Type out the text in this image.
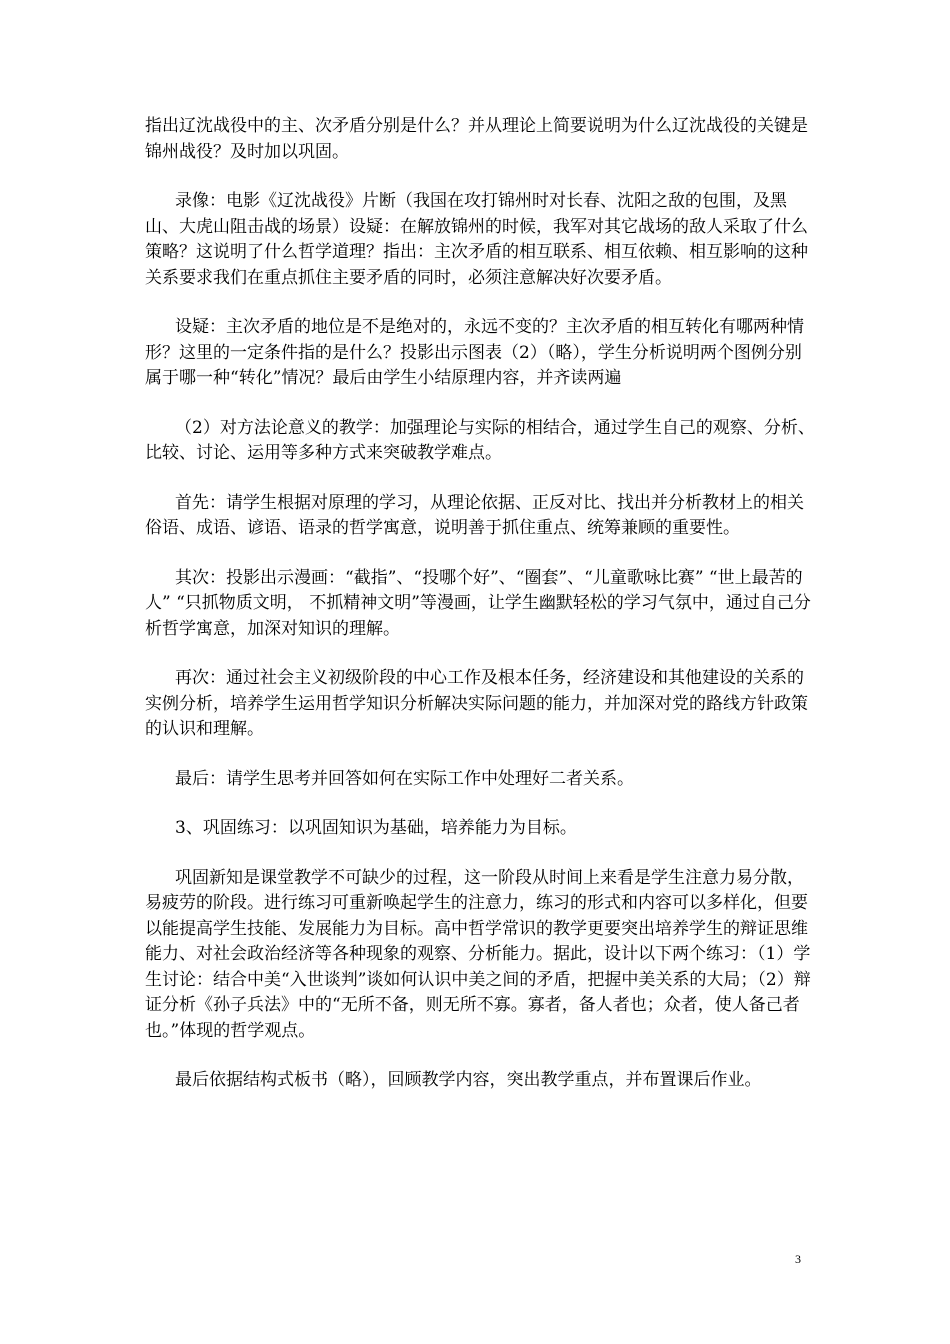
指出辽沈战役中的主、次矛盾分别是什么？并从理论上简要说明为什么辽沈战役的关键是锦州战役？及时加以巩固。

录像：电影《辽沈战役》片断（我国在攻打锦州时对长春、沈阳之敌的包围，及黑山、大虎山阻击战的场景）设疑：在解放锦州的时候，我军对其它战场的敌人采取了什么策略？这说明了什么哲学道理？指出：主次矛盾的相互联系、相互依赖、相互影响的这种关系要求我们在重点抓住主要矛盾的同时，必须注意解决好次要矛盾。

设疑：主次矛盾的地位是不是绝对的，永远不变的？主次矛盾的相互转化有哪两种情形？这里的一定条件指的是什么？投影出示图表（2）（略），学生分析说明两个图例分别属于哪一种“转化”情况？最后由学生小结原理内容，并齐读两遍

（2）对方法论意义的教学：加强理论与实际的相结合，通过学生自己的观察、分析、比较、讨论、运用等多种方式来突破教学难点。

首先：请学生根据对原理的学习，从理论依据、正反对比、找出并分析教材上的相关俗语、成语、谚语、语录的哲学寓意，说明善于抓住重点、统筹兼顾的重要性。

其次：投影出示漫画：“截指”、“投哪个好”、“圈套”、“儿童歌咏比赛” “世上最苦的人” “只抓物质文明， 不抓精神文明”等漫画，让学生幽默轻松的学习气氛中，通过自己分析哲学寓意，加深对知识的理解。

再次：通过社会主义初级阶段的中心工作及根本任务，经济建设和其他建设的关系的实例分析，培养学生运用哲学知识分析解决实际问题的能力，并加深对党的路线方针政策的认识和理解。

最后：请学生思考并回答如何在实际工作中处理好二者关系。

3、巩固练习：以巩固知识为基础，培养能力为目标。

巩固新知是课堂教学不可缺少的过程，这一阶段从时间上来看是学生注意力易分散，易疲劳的阶段。进行练习可重新唤起学生的注意力，练习的形式和内容可以多样化，但要以能提高学生技能、发展能力为目标。高中哲学常识的教学更要突出培养学生的辩证思维能力、对社会政治经济等各种现象的观察、分析能力。据此，设计以下两个练习：（1）学生讨论：结合中美“入世谈判”谈如何认识中美之间的矛盾，把握中美关系的大局；（2）辩证分析《孙子兵法》中的“无所不备，则无所不寡。寡者，备人者也；众者，使人备己者也。”体现的哲学观点。

最后依据结构式板书（略），回顾教学内容，突出教学重点，并布置课后作业。

3
